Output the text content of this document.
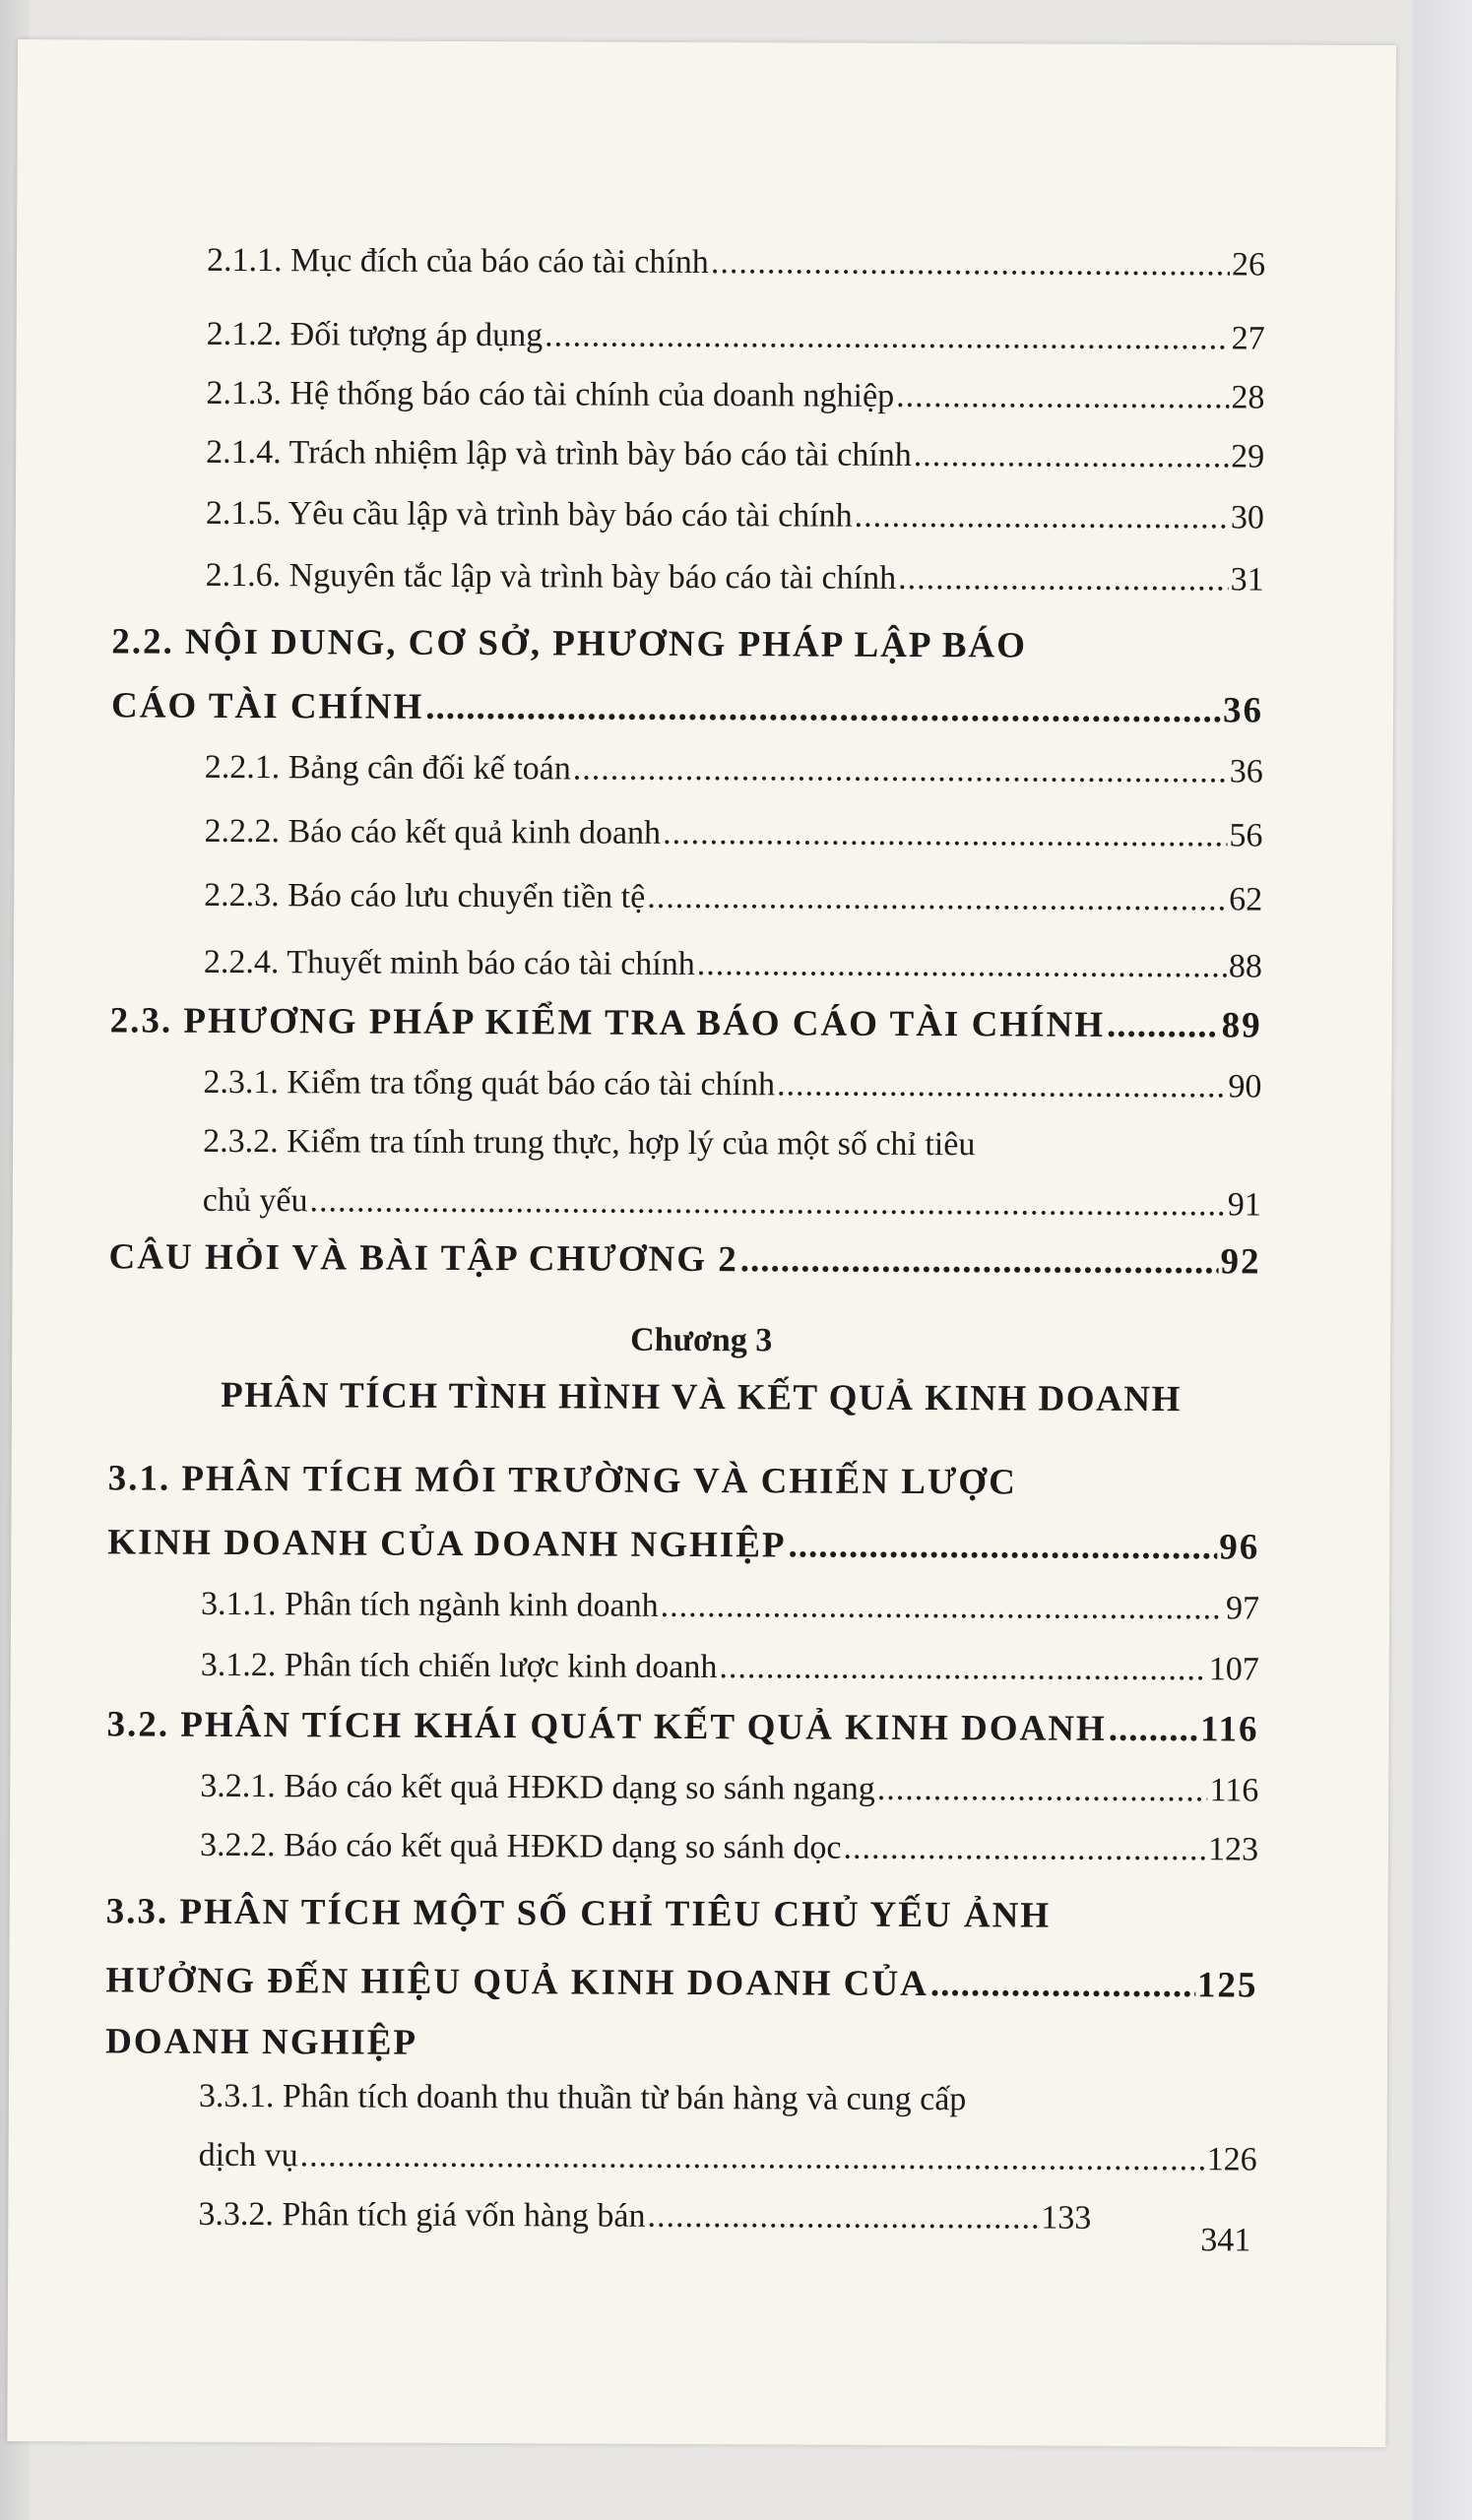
2.1.1. Mục đích của báo cáo tài chính .....	26
2.1.2. Đối tượng áp dụng .....	27
2.1.3. Hệ thống báo cáo tài chính của doanh nghiệp .....	28
2.1.4. Trách nhiệm lập và trình bày báo cáo tài chính .....	29
2.1.5. Yêu cầu lập và trình bày báo cáo tài chính .....	30
2.1.6. Nguyên tắc lập và trình bày báo cáo tài chính .....	31
2.2. NỘI DUNG, CƠ SỞ, PHƯƠNG PHÁP LẬP BÁO
CÁO TÀI CHÍNH .....	36
2.2.1. Bảng cân đối kế toán .....	36
2.2.2. Báo cáo kết quả kinh doanh .....	56
2.2.3. Báo cáo lưu chuyển tiền tệ .....	62
2.2.4. Thuyết minh báo cáo tài chính .....	88
2.3. PHƯƠNG PHÁP KIỂM TRA BÁO CÁO TÀI CHÍNH .....	89
2.3.1. Kiểm tra tổng quát báo cáo tài chính .....	90
2.3.2. Kiểm tra tính trung thực, hợp lý của một số chỉ tiêu
chủ yếu .....	91
CÂU HỎI VÀ BÀI TẬP CHƯƠNG 2 .....	92
Chương 3
PHÂN TÍCH TÌNH HÌNH VÀ KẾT QUẢ KINH DOANH
3.1. PHÂN TÍCH MÔI TRƯỜNG VÀ CHIẾN LƯỢC
KINH DOANH CỦA DOANH NGHIỆP .....	96
3.1.1. Phân tích ngành kinh doanh .....	97
3.1.2. Phân tích chiến lược kinh doanh .....	107
3.2. PHÂN TÍCH KHÁI QUÁT KẾT QUẢ KINH DOANH .....	116
3.2.1. Báo cáo kết quả HĐKD dạng so sánh ngang .....	116
3.2.2. Báo cáo kết quả HĐKD dạng so sánh dọc .....	123
3.3. PHÂN TÍCH MỘT SỐ CHỈ TIÊU CHỦ YẾU ẢNH
HƯỞNG ĐẾN HIỆU QUẢ KINH DOANH CỦA .....	125
DOANH NGHIỆP
3.3.1. Phân tích doanh thu thuần từ bán hàng và cung cấp
dịch vụ .....	126
3.3.2. Phân tích giá vốn hàng bán .....	133
341
